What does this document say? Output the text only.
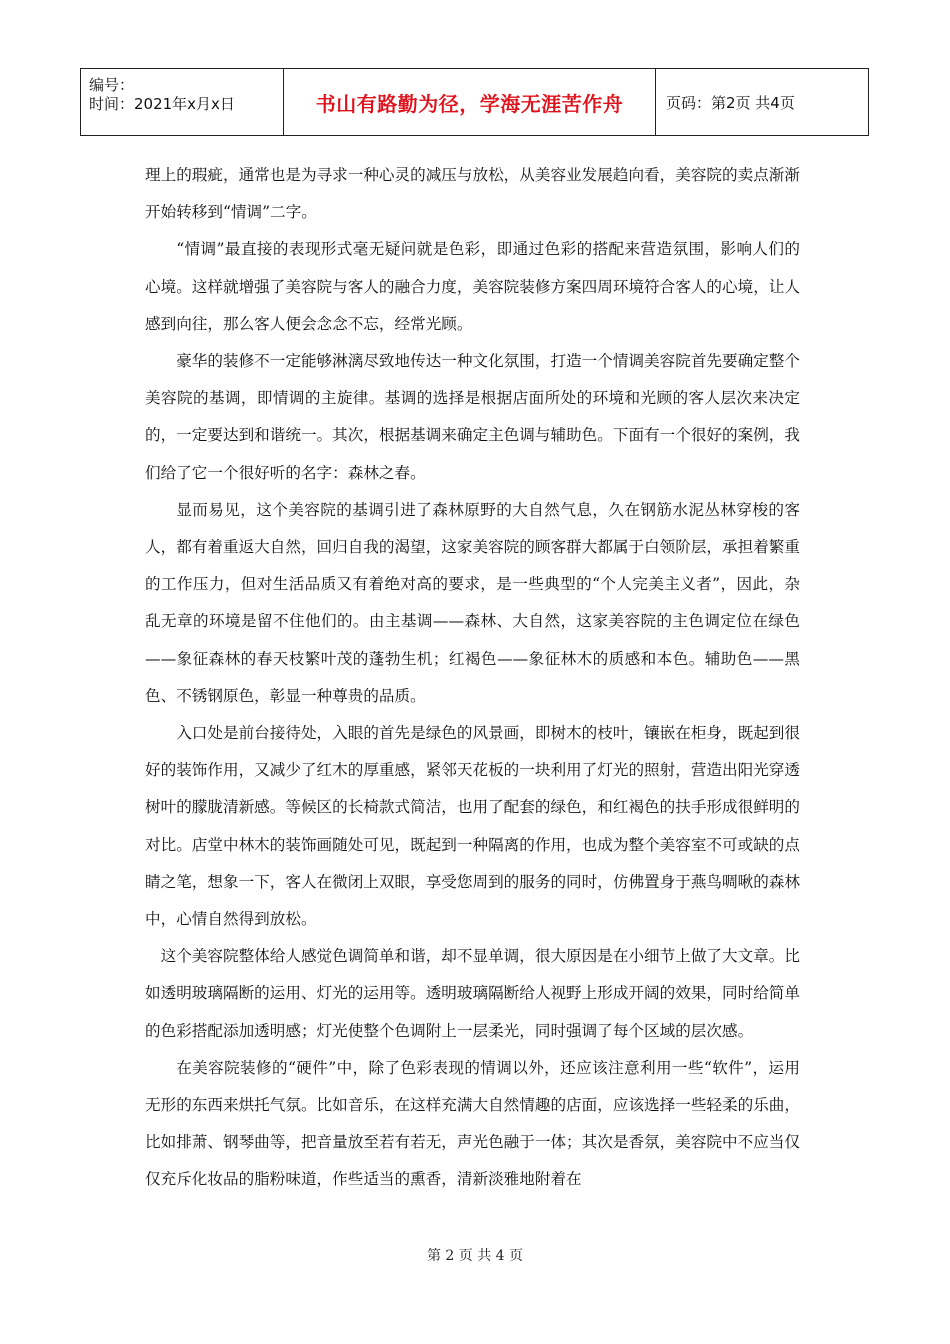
编号：
时间：2021年x月x日	书山有路勤为径，学海无涯苦作舟	页码：第2页 共4页

理上的瑕疵，通常也是为寻求一种心灵的减压与放松，从美容业发展趋向看，美容院的卖点渐渐开始转移到“情调”二字。

“情调”最直接的表现形式毫无疑问就是色彩，即通过色彩的搭配来营造氛围，影响人们的心境。这样就增强了美容院与客人的融合力度，美容院装修方案四周环境符合客人的心境，让人感到向往，那么客人便会念念不忘，经常光顾。

豪华的装修不一定能够淋漓尽致地传达一种文化氛围，打造一个情调美容院首先要确定整个美容院的基调，即情调的主旋律。基调的选择是根据店面所处的环境和光顾的客人层次来决定的，一定要达到和谐统一。其次，根据基调来确定主色调与辅助色。下面有一个很好的案例，我们给了它一个很好听的名字：森林之春。

显而易见，这个美容院的基调引进了森林原野的大自然气息，久在钢筋水泥丛林穿梭的客人，都有着重返大自然，回归自我的渴望，这家美容院的顾客群大都属于白领阶层，承担着繁重的工作压力，但对生活品质又有着绝对高的要求，是一些典型的“个人完美主义者”，因此，杂乱无章的环境是留不住他们的。由主基调——森林、大自然，这家美容院的主色调定位在绿色——象征森林的春天枝繁叶茂的蓬勃生机；红褐色——象征林木的质感和本色。辅助色——黑色、不锈钢原色，彰显一种尊贵的品质。

入口处是前台接待处，入眼的首先是绿色的风景画，即树木的枝叶，镶嵌在柜身，既起到很好的装饰作用，又减少了红木的厚重感，紧邻天花板的一块利用了灯光的照射，营造出阳光穿透树叶的朦胧清新感。等候区的长椅款式简洁，也用了配套的绿色，和红褐色的扶手形成很鲜明的对比。店堂中林木的装饰画随处可见，既起到一种隔离的作用，也成为整个美容室不可或缺的点睛之笔，想象一下，客人在微闭上双眼，享受您周到的服务的同时，仿佛置身于燕鸟啁啾的森林中，心情自然得到放松。

这个美容院整体给人感觉色调简单和谐，却不显单调，很大原因是在小细节上做了大文章。比如透明玻璃隔断的运用、灯光的运用等。透明玻璃隔断给人视野上形成开阔的效果，同时给简单的色彩搭配添加透明感；灯光使整个色调附上一层柔光，同时强调了每个区域的层次感。

在美容院装修的“硬件”中，除了色彩表现的情调以外，还应该注意利用一些“软件”，运用无形的东西来烘托气氛。比如音乐，在这样充满大自然情趣的店面，应该选择一些轻柔的乐曲，比如排萧、钢琴曲等，把音量放至若有若无，声光色融于一体；其次是香氛，美容院中不应当仅仅充斥化妆品的脂粉味道，作些适当的熏香，清新淡雅地附着在

第 2 页 共 4 页
